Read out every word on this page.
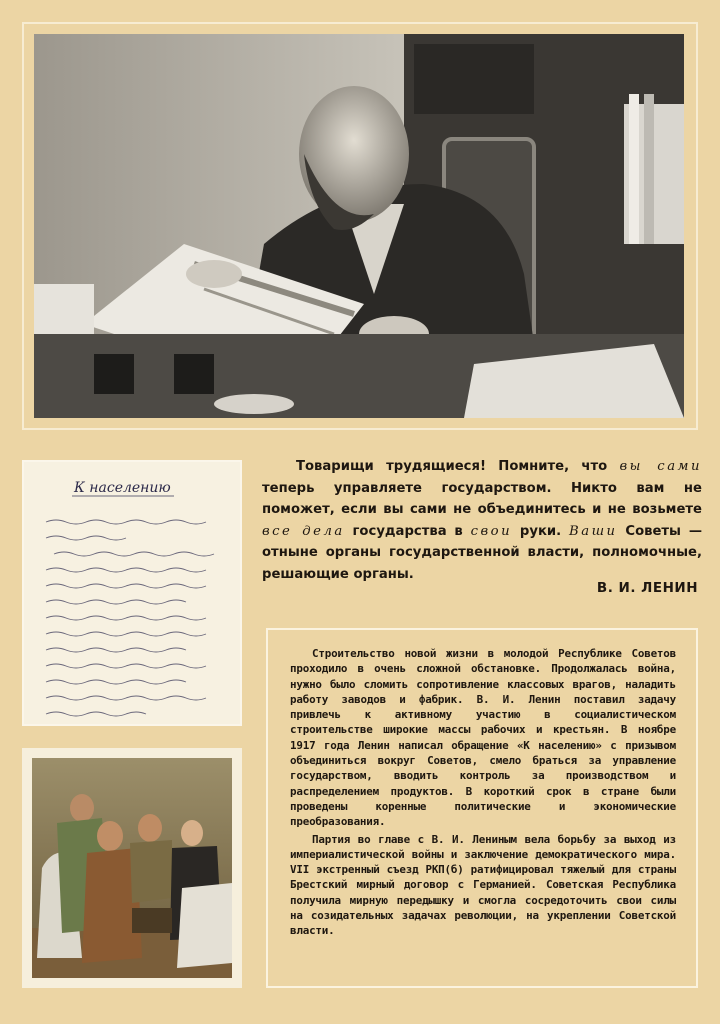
К населению

Товарищи трудящиеся! Помните, что вы сами теперь управляете государством. Никто вам не поможет, если вы сами не объединитесь и не возьмете все дела государства в свои руки. Ваши Советы — отныне органы государственной власти, полномочные, решающие органы.

В. И. ЛЕНИН

Строительство новой жизни в молодой Республике Советов проходило в очень сложной обстановке. Продолжалась война, нужно было сломить сопротивление классовых врагов, наладить работу заводов и фабрик. В. И. Ленин поставил задачу привлечь к активному участию в социалистическом строительстве широкие массы рабочих и крестьян. В ноябре 1917 года Ленин написал обращение «К населению» с призывом объединиться вокруг Советов, смело браться за управление государством, вводить контроль за производством и распределением продуктов. В короткий срок в стране были проведены коренные политические и экономические преобразования.

Партия во главе с В. И. Лениным вела борьбу за выход из империалистической войны и заключение демократического мира. VII экстренный съезд РКП(б) ратифицировал тяжелый для страны Брестский мирный договор с Германией. Советская Республика получила мирную передышку и смогла сосредоточить свои силы на созидательных задачах революции, на укреплении Советской власти.
